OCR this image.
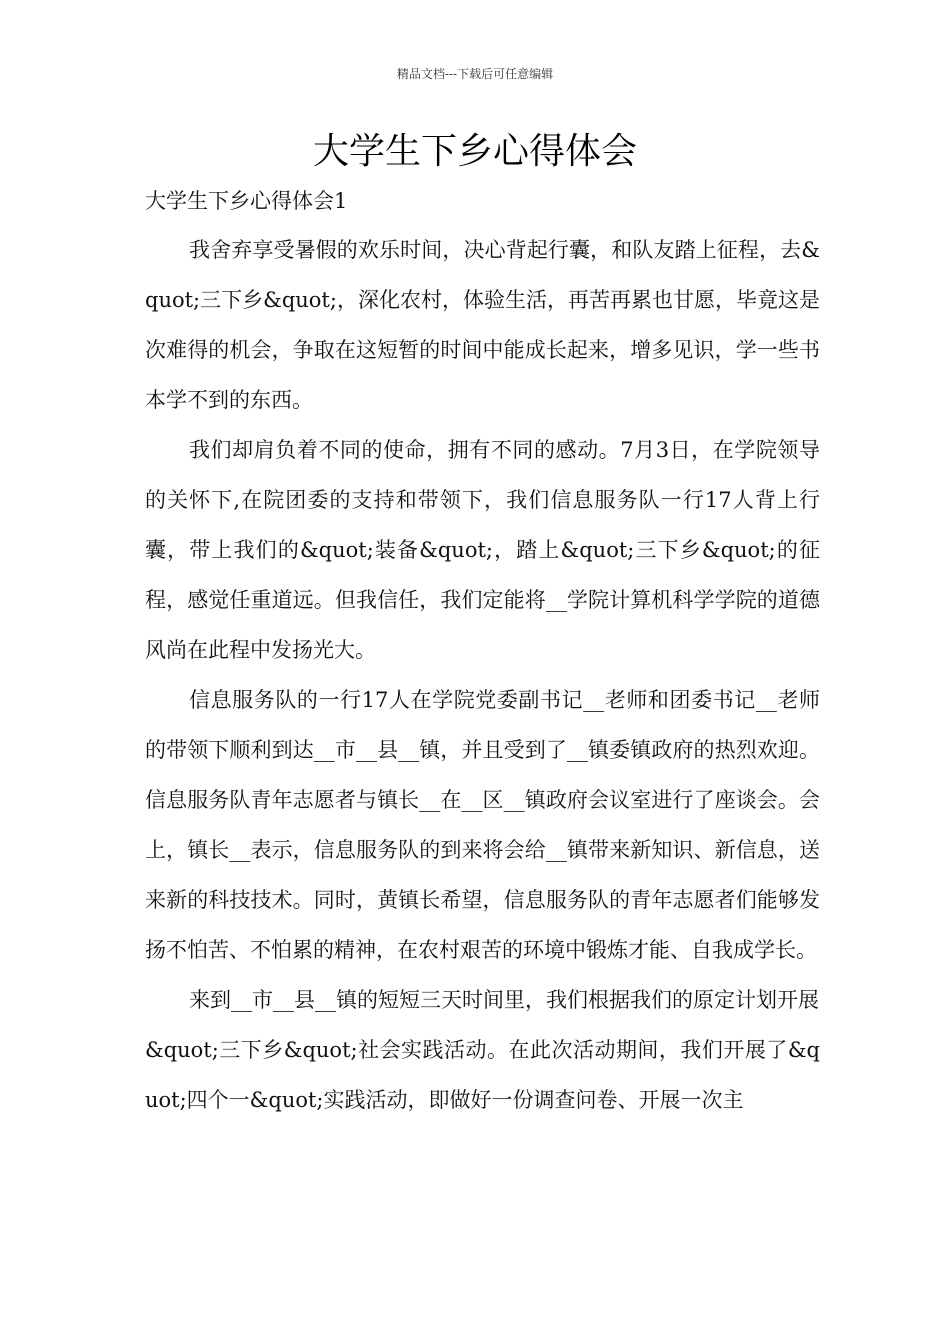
精品文档---下载后可任意编辑
大学生下乡心得体会

大学生下乡心得体会1

我舍弃享受暑假的欢乐时间，决心背起行囊，和队友踏上征程，去&quot;三下乡&quot;，深化农村，体验生活，再苦再累也甘愿，毕竟这是次难得的机会，争取在这短暂的时间中能成长起来，增多见识，学一些书本学不到的东西。

我们却肩负着不同的使命，拥有不同的感动。7月3日，在学院领导的关怀下,在院团委的支持和带领下，我们信息服务队一行17人背上行囊，带上我们的&quot;装备&quot;，踏上&quot;三下乡&quot;的征程，感觉任重道远。但我信任，我们定能将__学院计算机科学学院的道德风尚在此程中发扬光大。

信息服务队的一行17人在学院党委副书记__老师和团委书记__老师的带领下顺利到达__市__县__镇，并且受到了__镇委镇政府的热烈欢迎。信息服务队青年志愿者与镇长__在__区__镇政府会议室进行了座谈会。会上，镇长__表示，信息服务队的到来将会给__镇带来新知识、新信息，送来新的科技技术。同时，黄镇长希望，信息服务队的青年志愿者们能够发扬不怕苦、不怕累的精神，在农村艰苦的环境中锻炼才能、自我成学长。

来到__市__县__镇的短短三天时间里，我们根据我们的原定计划开展

&quot;三下乡&quot;社会实践活动。在此次活动期间，我们开展了&quot;四个一&quot;实践活动，即做好一份调查问卷、开展一次主
